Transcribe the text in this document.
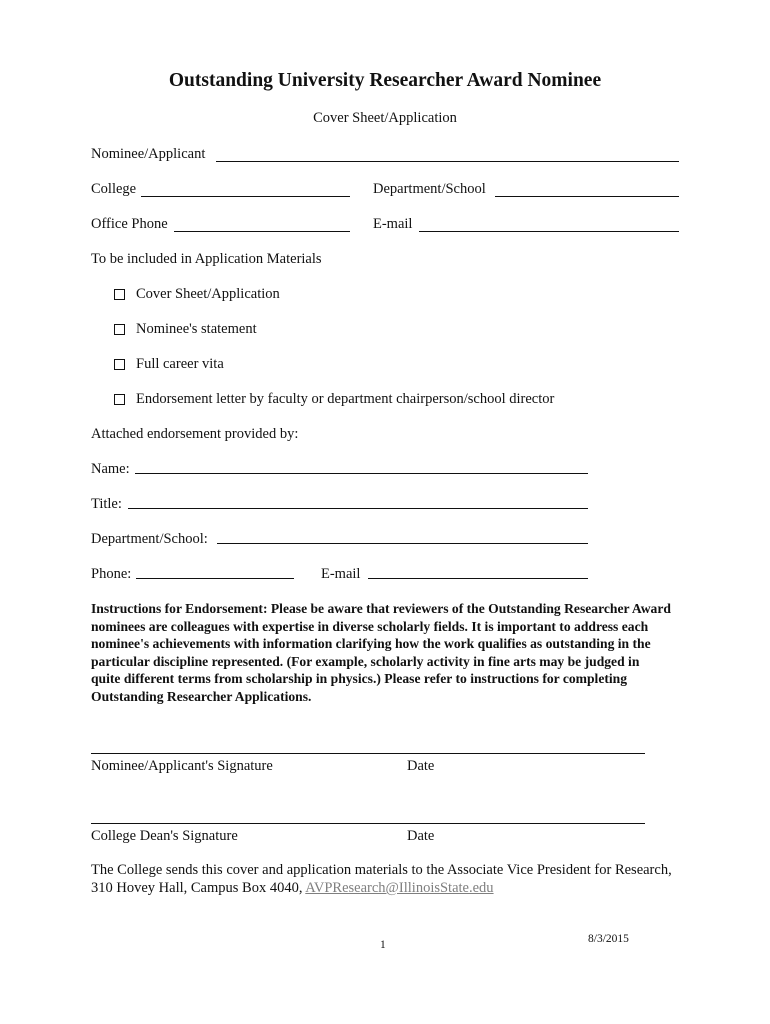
Outstanding University Researcher Award Nominee
Cover Sheet/Application
Nominee/Applicant
College	Department/School
Office Phone	E-mail
To be included in Application Materials
Cover Sheet/Application
Nominee's statement
Full career vita
Endorsement letter by faculty or department chairperson/school director
Attached endorsement provided by:
Name:
Title:
Department/School:
Phone:	E-mail
Instructions for Endorsement: Please be aware that reviewers of the Outstanding Researcher Award nominees are colleagues with expertise in diverse scholarly fields. It is important to address each nominee's achievements with information clarifying how the work qualifies as outstanding in the particular discipline represented. (For example, scholarly activity in fine arts may be judged in quite different terms from scholarship in physics.) Please refer to instructions for completing Outstanding Researcher Applications.
Nominee/Applicant's Signature	Date
College Dean's Signature	Date
The College sends this cover and application materials to the Associate Vice President for Research, 310 Hovey Hall, Campus Box 4040, AVPResearch@IllinoisState.edu
1	8/3/2015
